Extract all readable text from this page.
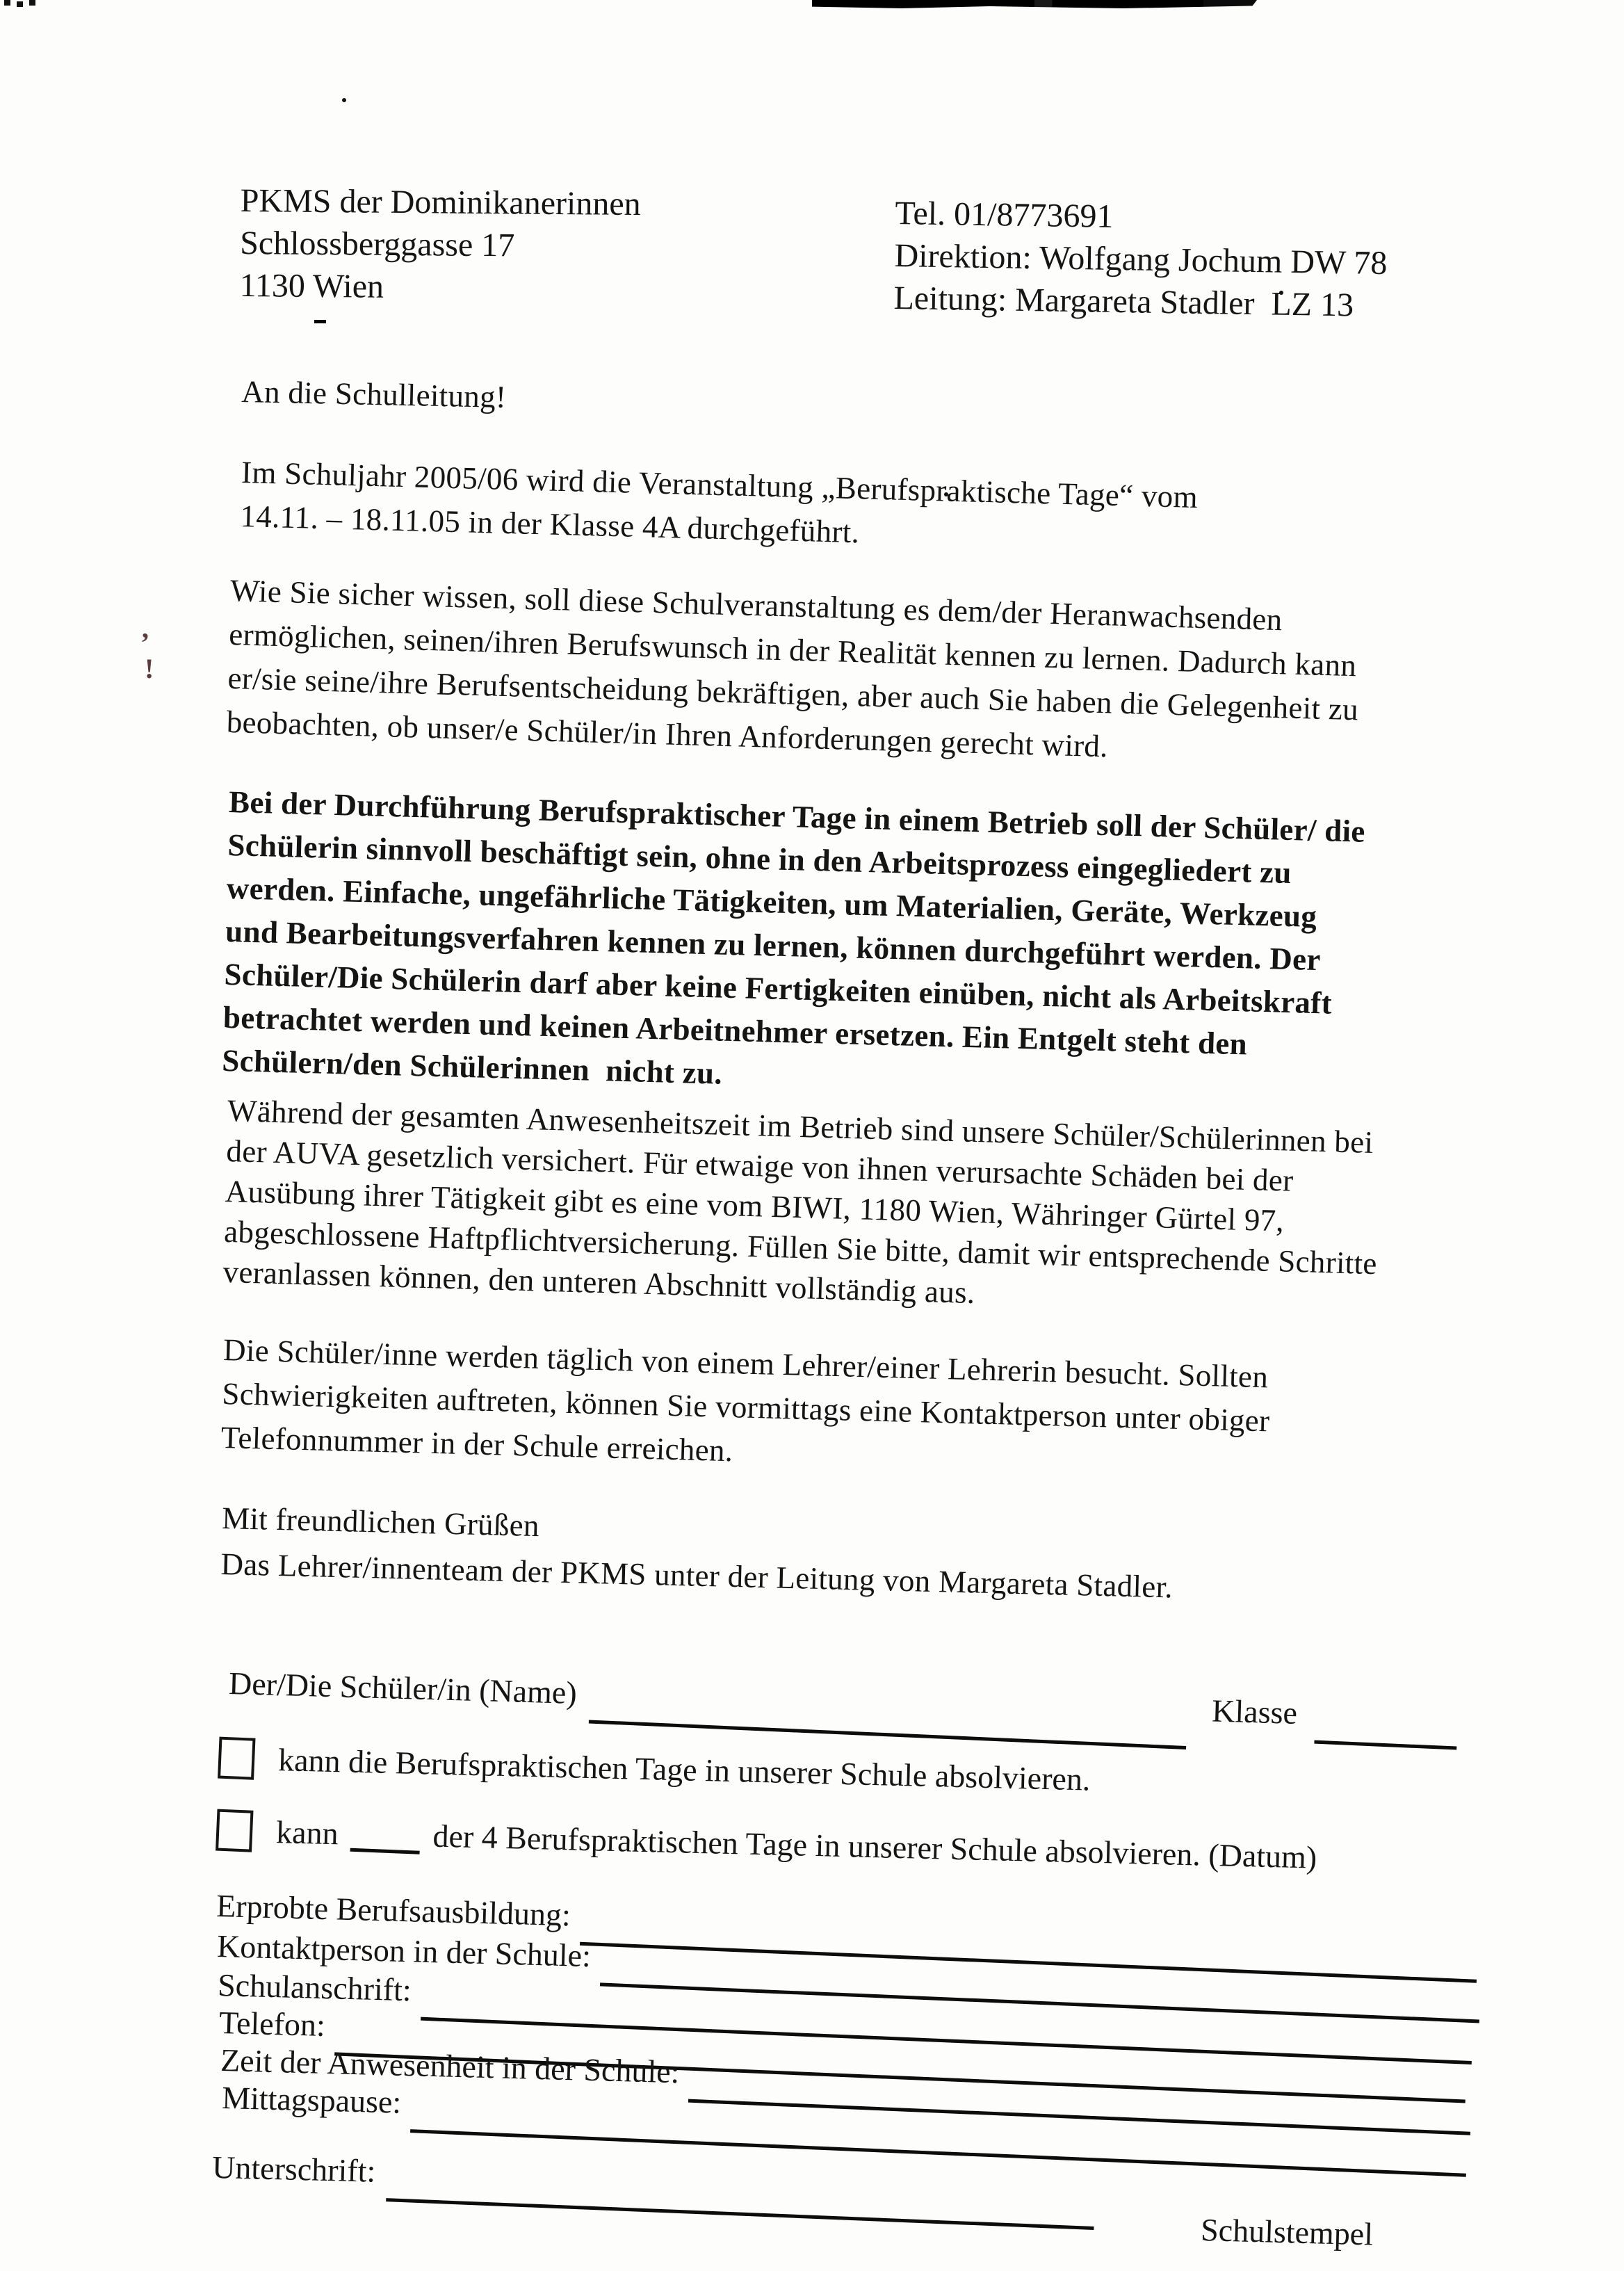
,
!
PKMS der Dominikanerinnen
Schlossberggasse 17
1130 Wien
Tel. 01/8773691
Direktion: Wolfgang Jochum DW 78
Leitung: Margareta Stadler  LZ 13
An die Schulleitung!
Im Schuljahr 2005/06 wird die Veranstaltung „Berufspraktische Tage“ vom
14.11. – 18.11.05 in der Klasse 4A durchgeführt.
Wie Sie sicher wissen, soll diese Schulveranstaltung es dem/der Heranwachsenden
ermöglichen, seinen/ihren Berufswunsch in der Realität kennen zu lernen. Dadurch kann
er/sie seine/ihre Berufsentscheidung bekräftigen, aber auch Sie haben die Gelegenheit zu
beobachten, ob unser/e Schüler/in Ihren Anforderungen gerecht wird.
Bei der Durchführung Berufspraktischer Tage in einem Betrieb soll der Schüler/ die
Schülerin sinnvoll beschäftigt sein, ohne in den Arbeitsprozess eingegliedert zu
werden. Einfache, ungefährliche Tätigkeiten, um Materialien, Geräte, Werkzeug
und Bearbeitungsverfahren kennen zu lernen, können durchgeführt werden. Der
Schüler/Die Schülerin darf aber keine Fertigkeiten einüben, nicht als Arbeitskraft
betrachtet werden und keinen Arbeitnehmer ersetzen. Ein Entgelt steht den
Schülern/den Schülerinnen  nicht zu.
Während der gesamten Anwesenheitszeit im Betrieb sind unsere Schüler/Schülerinnen bei
der AUVA gesetzlich versichert. Für etwaige von ihnen verursachte Schäden bei der
Ausübung ihrer Tätigkeit gibt es eine vom BIWI, 1180 Wien, Währinger Gürtel 97,
abgeschlossene Haftpflichtversicherung. Füllen Sie bitte, damit wir entsprechende Schritte
veranlassen können, den unteren Abschnitt vollständig aus.
Die Schüler/inne werden täglich von einem Lehrer/einer Lehrerin besucht. Sollten
Schwierigkeiten auftreten, können Sie vormittags eine Kontaktperson unter obiger
Telefonnummer in der Schule erreichen.
Mit freundlichen Grüßen
Das Lehrer/innenteam der PKMS unter der Leitung von Margareta Stadler.
Der/Die Schüler/in (Name)
Klasse
kann die Berufspraktischen Tage in unserer Schule absolvieren.
kann	der 4 Berufspraktischen Tage in unserer Schule absolvieren. (Datum)
Erprobte Berufsausbildung:
Kontaktperson in der Schule:
Schulanschrift:
Telefon:
Zeit der Anwesenheit in der Schule:
Mittagspause:
Unterschrift:
Schulstempel
